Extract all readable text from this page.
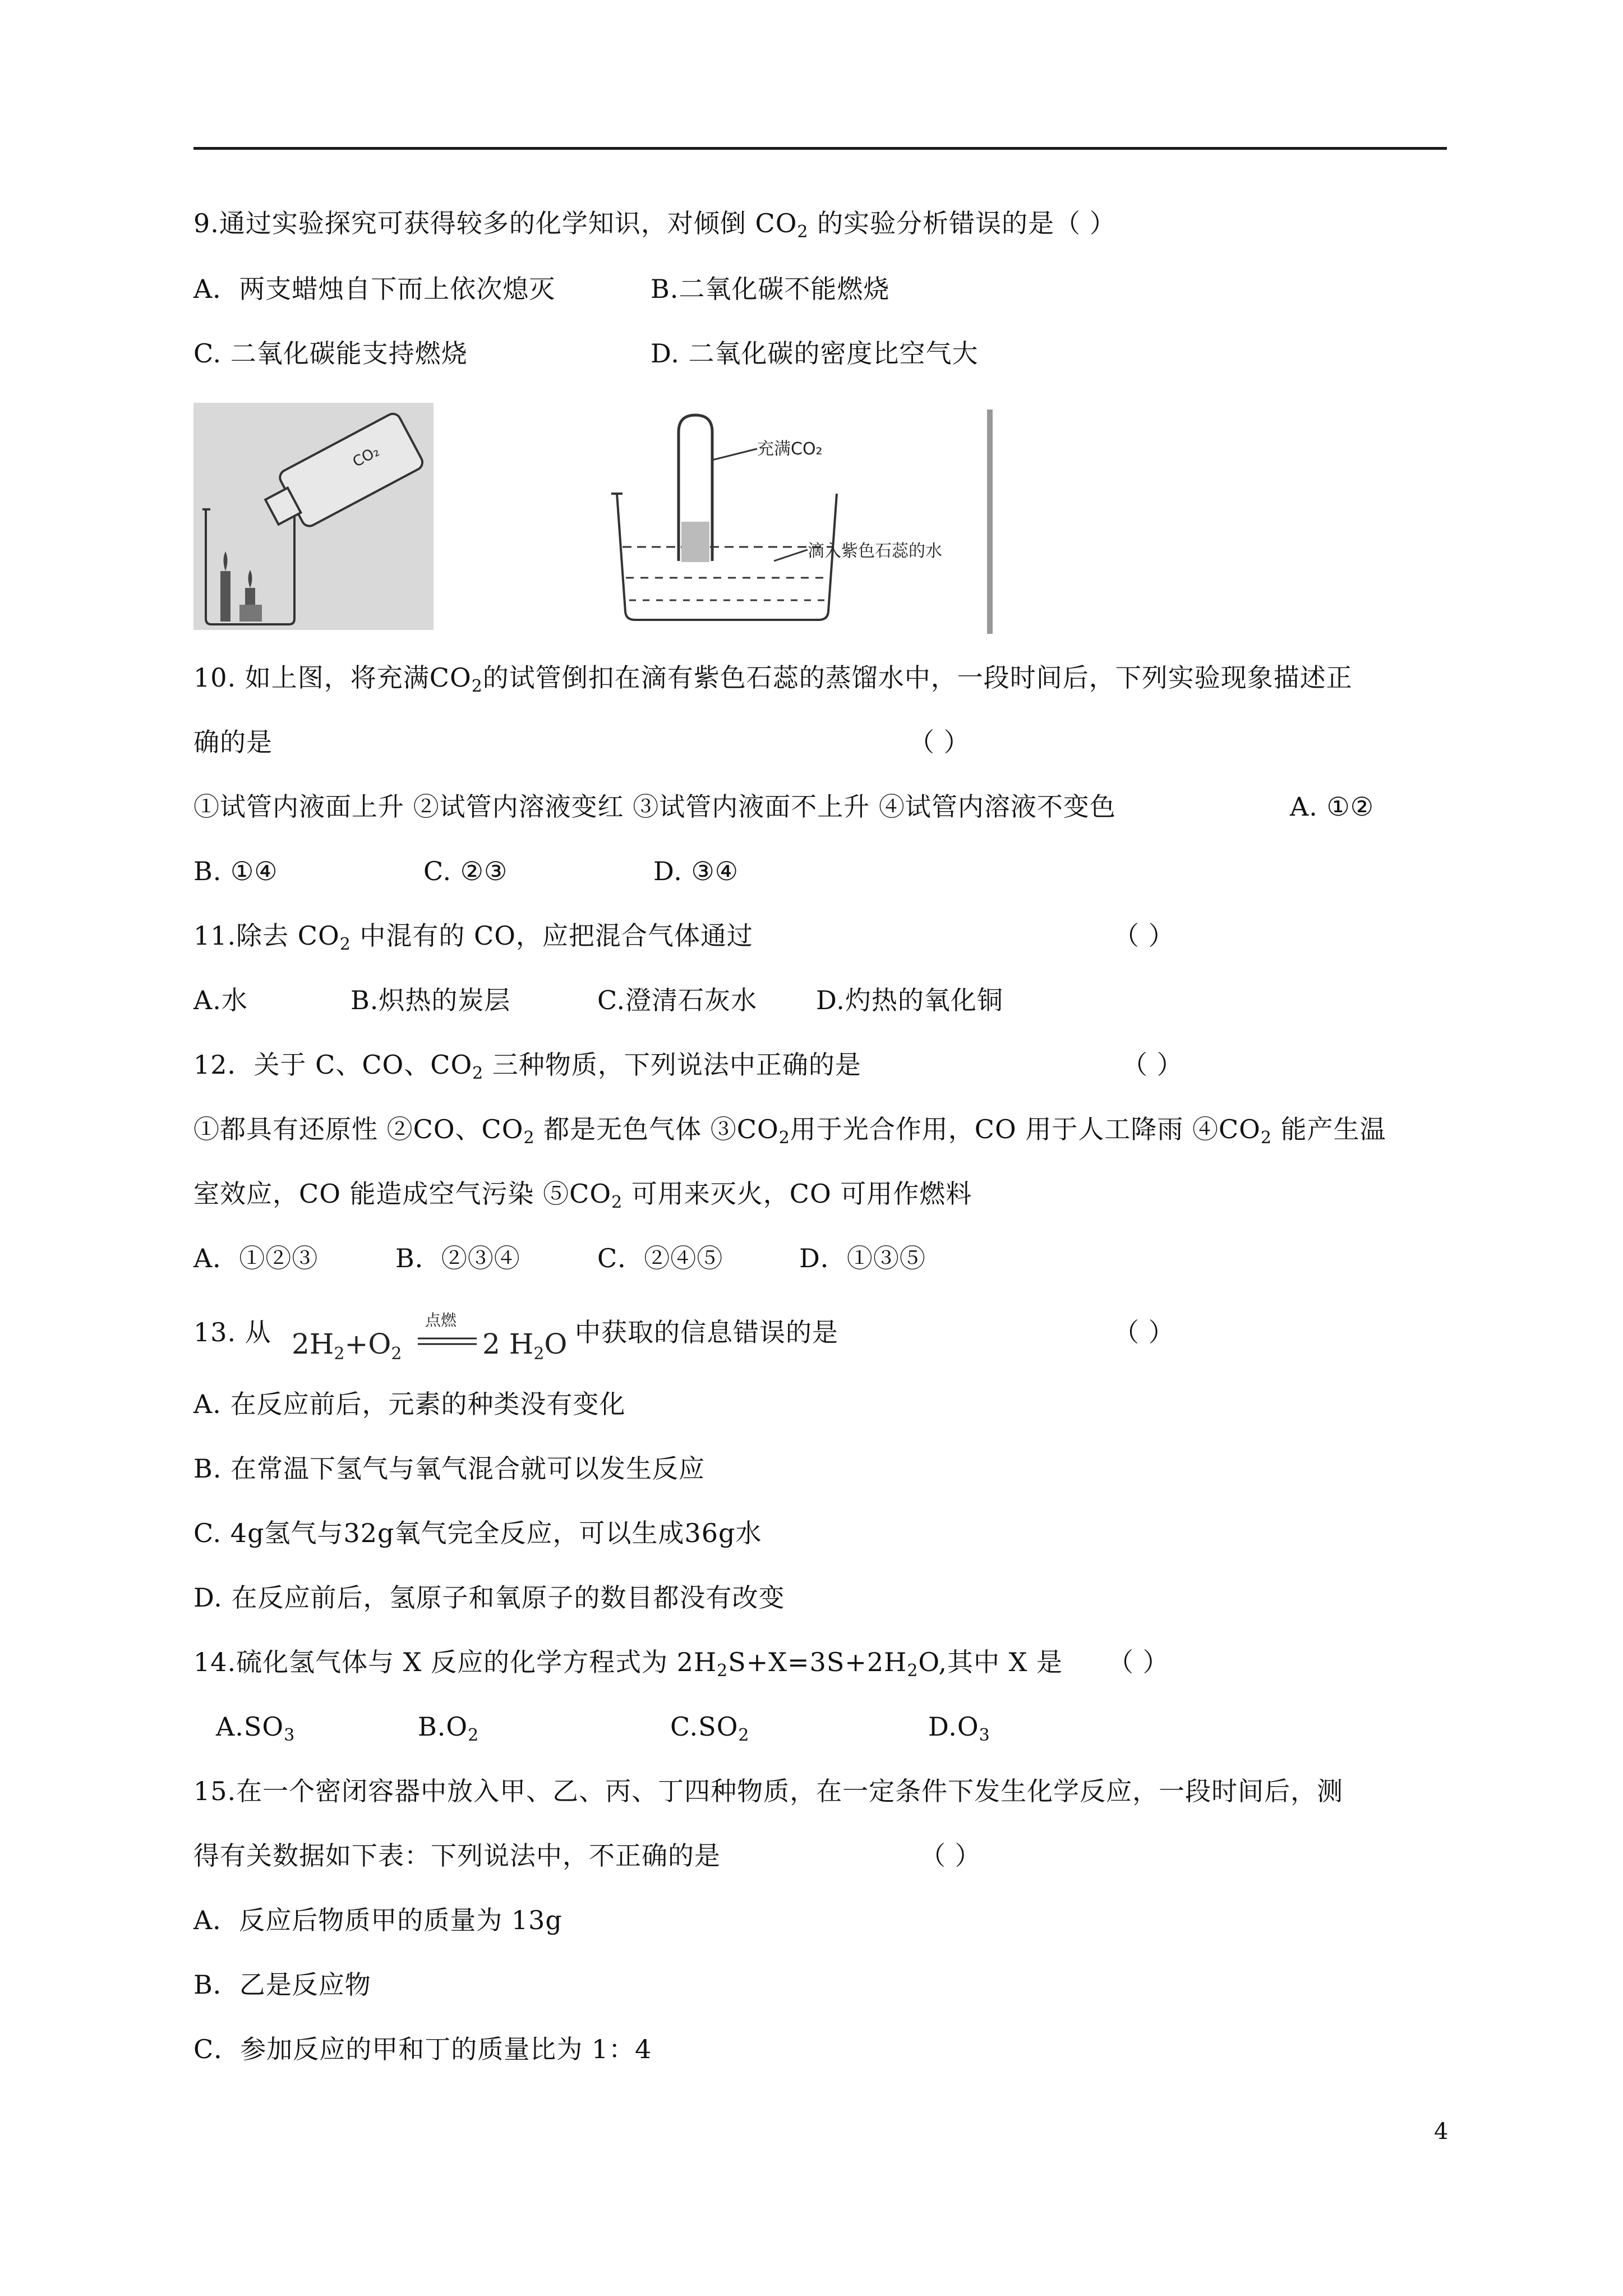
9.通过实验探究可获得较多的化学知识，对倾倒 $CO_2$ 的实验分析错误的是（ ）
A．两支蜡烛自下而上依次熄灭	B.二氧化碳不能燃烧
C. 二氧化碳能支持燃烧	D. 二氧化碳的密度比空气大
CO₂	充满CO₂
滴入紫色石蕊的水
10. 如上图，将充满$CO_2$的试管倒扣在滴有紫色石蕊的蒸馏水中，一段时间后，下列实验现象描述正
确的是	（ ）
①试管内液面上升 ②试管内溶液变红 ③试管内液面不上升 ④试管内溶液不变色	A. ①②
B. ①④	C. ②③	D. ③④
11.除去 $CO_2$ 中混有的 CO，应把混合气体通过	（ ）
A.水	B.炽热的炭层	C.澄清石灰水 D.灼热的氧化铜
12．关于 C、CO、$CO_2$ 三种物质，下列说法中正确的是	（ ）
①都具有还原性 ②CO、$CO_2$ 都是无色气体 $③CO_2$用于光合作用，CO 用于人工降雨 $④CO_2$ 能产生温
室效应，CO 能造成空气污染 $⑤CO_2$ 可用来灭火，CO 可用作燃料
A．①②③	B．②③④	C．②④⑤	D．①③⑤
13. 从 $2H_2+O_2$
点燃
2 $H_2O$ 中获取的信息错误的是	（ ）
A. 在反应前后，元素的种类没有变化
B. 在常温下氢气与氧气混合就可以发生反应
C. 4g氢气与32g氧气完全反应，可以生成36g水
D. 在反应前后，氢原子和氧原子的数目都没有改变
14.硫化氢气体与 X 反应的化学方程式为 $2H_2S+X=3S+2H_2O$,其中 X 是 （ ）
$A.SO_3$	$B.O_2$	$C.SO_2$	$D.O_3$
15.在一个密闭容器中放入甲、乙、丙、丁四种物质，在一定条件下发生化学反应，一段时间后，测
得有关数据如下表：下列说法中，不正确的是	（ ）
A．反应后物质甲的质量为 13g
B．乙是反应物
C．参加反应的甲和丁的质量比为 1：4
4
